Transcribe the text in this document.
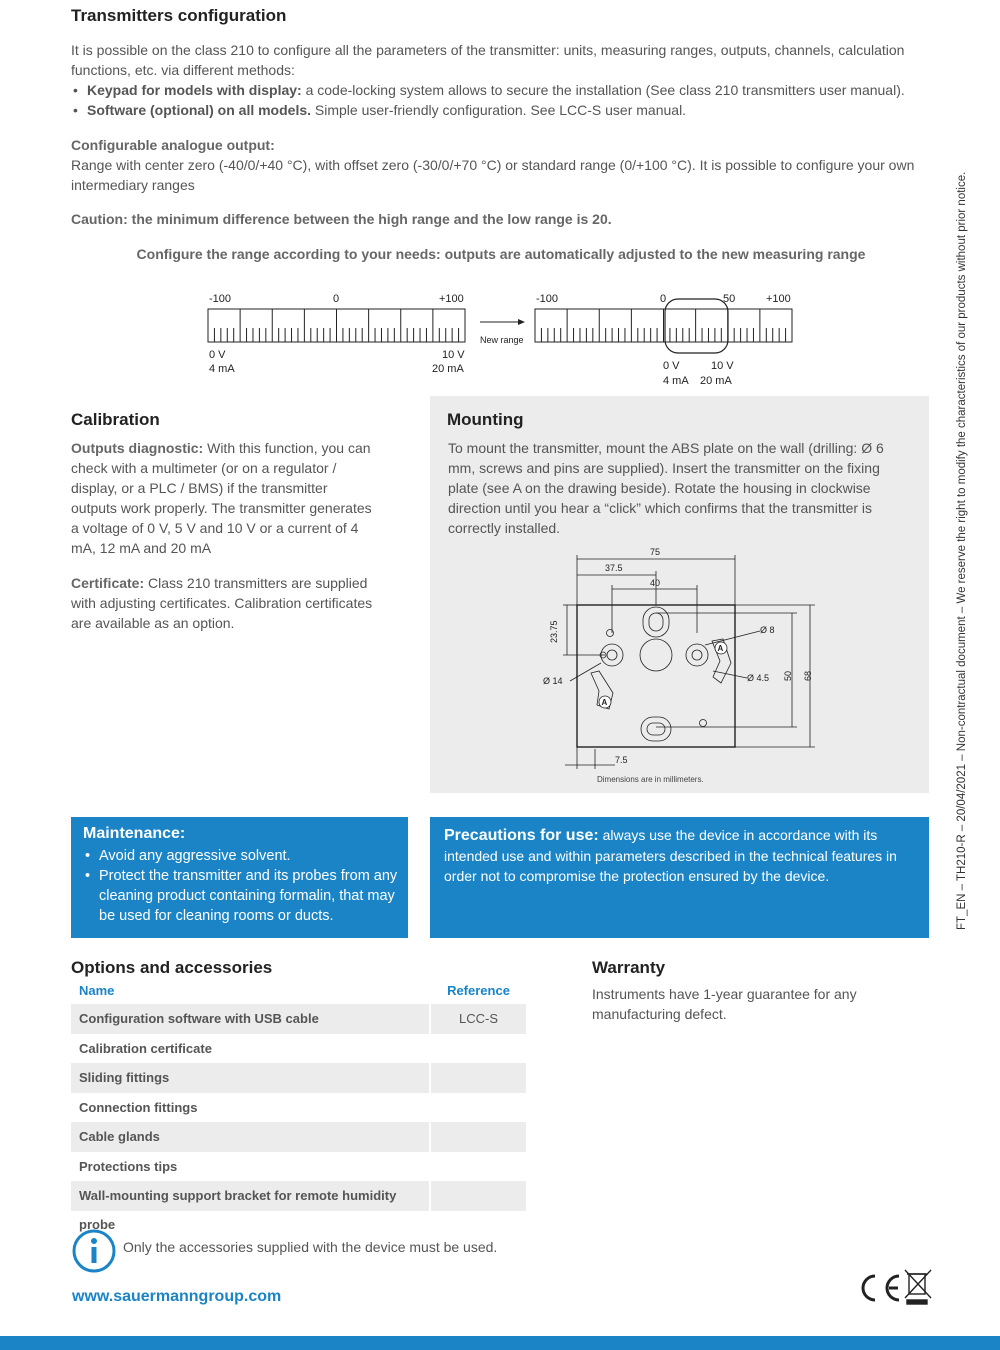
Transmitters configuration
It is possible on the class 210 to configure all the parameters of the transmitter: units, measuring ranges, outputs, channels, calculation functions, etc. via different methods:
• Keypad for models with display: a code-locking system allows to secure the installation (See class 210 transmitters user manual).
• Software (optional) on all models. Simple user-friendly configuration. See LCC-S user manual.
Configurable analogue output:
Range with center zero (-40/0/+40 °C), with offset zero (-30/0/+70 °C) or standard range (0/+100 °C). It is possible to configure your own intermediary ranges
Caution: the minimum difference between the high range and the low range is 20.
Configure the range according to your needs: outputs are automatically adjusted to the new measuring range
-100	0	+100
0 V
4 mA
10 V
20 mA
New range
-100	0	50	+100
0 V
4 mA
10 V
20 mA
Calibration
Outputs diagnostic: With this function, you can check with a multimeter (or on a regulator / display, or a PLC / BMS) if the transmitter outputs work properly. The transmitter generates a voltage of 0 V, 5 V and 10 V or a current of 4 mA, 12 mA and 20 mA
Certificate: Class 210 transmitters are supplied with adjusting certificates. Calibration certificates are available as an option.
Mounting
To mount the transmitter, mount the ABS plate on the wall (drilling: Ø 6 mm, screws and pins are supplied). Insert the transmitter on the fixing plate (see A on the drawing beside). Rotate the housing in clockwise direction until you hear a “click” which confirms that the transmitter is correctly installed.
75
37.5
40
23.75	Ø 8
Ø 14	Ø 4.5 50 68
7.5
A
A
Dimensions are in millimeters.
Maintenance:
• Avoid any aggressive solvent.
• Protect the transmitter and its probes from any cleaning product containing formalin, that may be used for cleaning rooms or ducts.
Precautions for use: always use the device in accordance with its intended use and within parameters described in the technical features in order not to compromise the protection ensured by the device.
Options and accessories
Name	Reference
Configuration software with USB cable	LCC-S
Calibration certificate
Sliding fittings
Connection fittings
Cable glands
Protections tips
Wall-mounting support bracket for remote humidity probe
Warranty
Instruments have 1-year guarantee for any manufacturing defect.
Only the accessories supplied with the device must be used.
www.sauermanngroup.com
FT_EN – TH210-R – 20/04/2021 – Non-contractual document – We reserve the right to modify the characteristics of our products without prior notice.
